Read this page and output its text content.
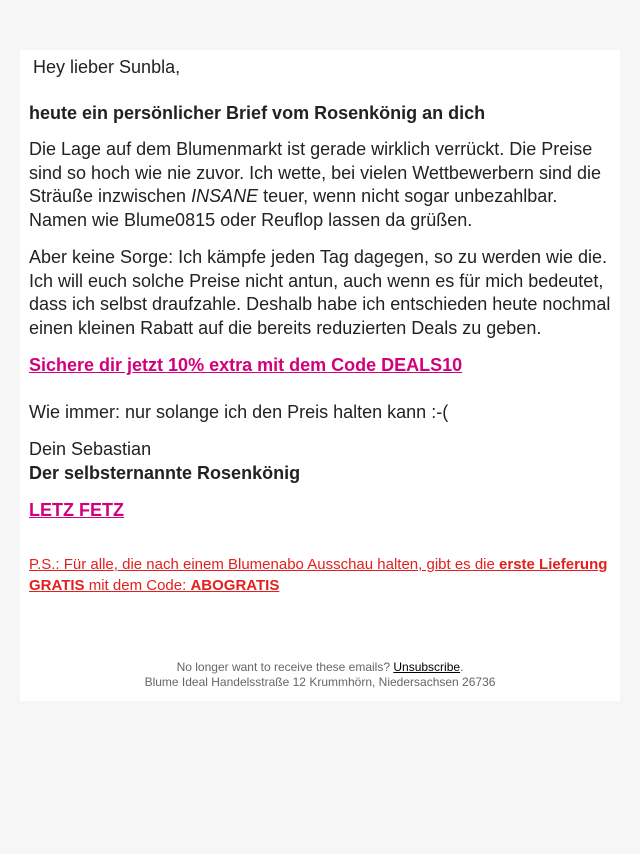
Hey lieber Sunbla,

heute ein persönlicher Brief vom Rosenkönig an dich

Die Lage auf dem Blumenmarkt ist gerade wirklich verrückt. Die Preise sind so hoch wie nie zuvor. Ich wette, bei vielen Wettbewerbern sind die Sträuße inzwischen INSANE teuer, wenn nicht sogar unbezahlbar. Namen wie Blume0815 oder Reuflop lassen da grüßen.

Aber keine Sorge: Ich kämpfe jeden Tag dagegen, so zu werden wie die. Ich will euch solche Preise nicht antun, auch wenn es für mich bedeutet, dass ich selbst draufzahle. Deshalb habe ich entschieden heute nochmal einen kleinen Rabatt auf die bereits reduzierten Deals zu geben.

Sichere dir jetzt 10% extra mit dem Code DEALS10

Wie immer: nur solange ich den Preis halten kann :-(

Dein Sebastian

Der selbsternannte Rosenkönig

LETZ FETZ
P.S.: Für alle, die nach einem Blumenabo Ausschau halten, gibt es die erste Lieferung GRATIS mit dem Code: ABOGRATIS
No longer want to receive these emails? Unsubscribe.
Blume Ideal Handelsstraße 12 Krummhörn, Niedersachsen 26736
